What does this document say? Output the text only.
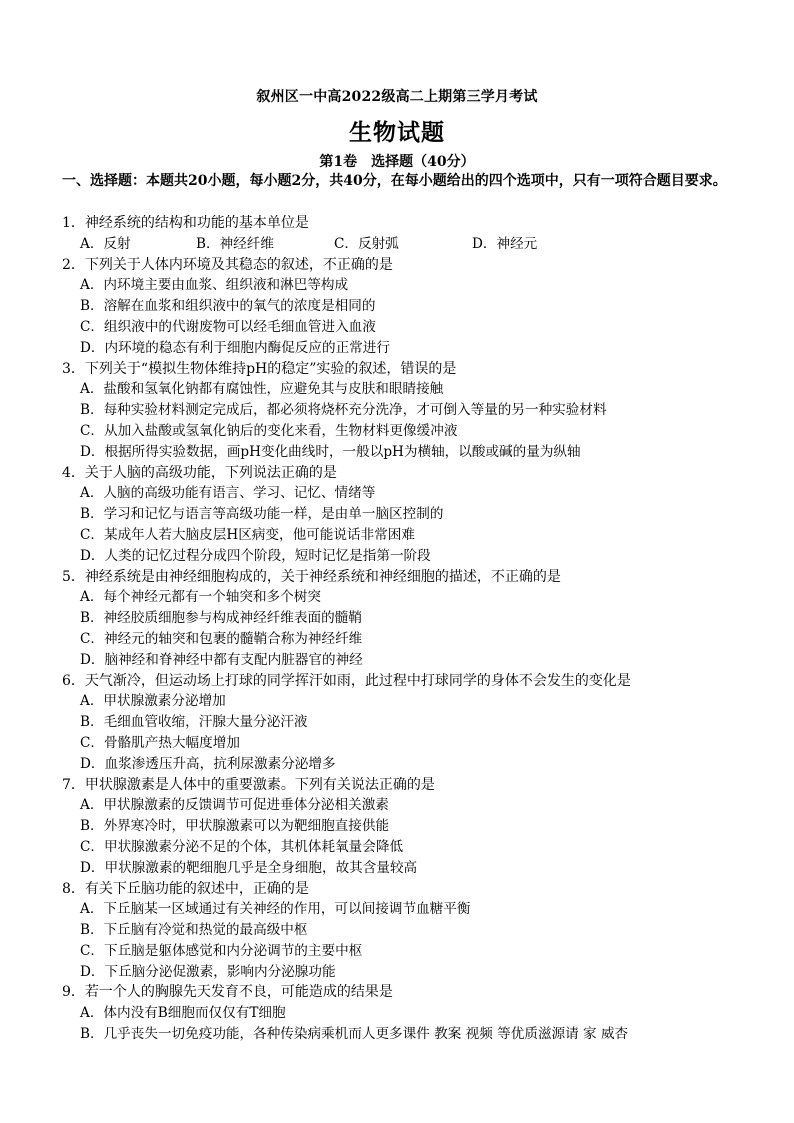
叙州区一中高2022级高二上期第三学月考试
生物试题
第1卷　选择题（40分）
一、选择题：本题共20小题，每小题2分，共40分，在每小题给出的四个选项中，只有一项符合题目要求。
1．神经系统的结构和功能的基本单位是
A．反射	B．神经纤维	C．反射弧	D．神经元
2．下列关于人体内环境及其稳态的叙述，不正确的是
A．内环境主要由血浆、组织液和淋巴等构成
B．溶解在血浆和组织液中的氧气的浓度是相同的
C．组织液中的代谢废物可以经毛细血管进入血液
D．内环境的稳态有利于细胞内酶促反应的正常进行
3．下列关于“模拟生物体维持pH的稳定”实验的叙述，错误的是
A．盐酸和氢氧化钠都有腐蚀性，应避免其与皮肤和眼睛接触
B．每种实验材料测定完成后，都必须将烧杯充分洗净，才可倒入等量的另一种实验材料
C．从加入盐酸或氢氧化钠后的变化来看，生物材料更像缓冲液
D．根据所得实验数据，画pH变化曲线时，一般以pH为横轴，以酸或碱的量为纵轴
4．关于人脑的高级功能，下列说法正确的是
A．人脑的高级功能有语言、学习、记忆、情绪等
B．学习和记忆与语言等高级功能一样，是由单一脑区控制的
C．某成年人若大脑皮层H区病变，他可能说话非常困难
D．人类的记忆过程分成四个阶段，短时记忆是指第一阶段
5．神经系统是由神经细胞构成的，关于神经系统和神经细胞的描述，不正确的是
A．每个神经元都有一个轴突和多个树突
B．神经胶质细胞参与构成神经纤维表面的髓鞘
C．神经元的轴突和包裹的髓鞘合称为神经纤维
D．脑神经和脊神经中都有支配内脏器官的神经
6．天气渐冷，但运动场上打球的同学挥汗如雨，此过程中打球同学的身体不会发生的变化是
A．甲状腺激素分泌增加
B．毛细血管收缩，汗腺大量分泌汗液
C．骨骼肌产热大幅度增加
D．血浆渗透压升高，抗利尿激素分泌增多
7．甲状腺激素是人体中的重要激素。下列有关说法正确的是
A．甲状腺激素的反馈调节可促进垂体分泌相关激素
B．外界寒冷时，甲状腺激素可以为靶细胞直接供能
C．甲状腺激素分泌不足的个体，其机体耗氧量会降低
D．甲状腺激素的靶细胞几乎是全身细胞，故其含量较高
8．有关下丘脑功能的叙述中，正确的是
A．下丘脑某一区域通过有关神经的作用，可以间接调节血糖平衡
B．下丘脑有冷觉和热觉的最高级中枢
C．下丘脑是躯体感觉和内分泌调节的主要中枢
D．下丘脑分泌促激素，影响内分泌腺功能
9．若一个人的胸腺先天发育不良，可能造成的结果是
A．体内没有B细胞而仅仅有T细胞
B．几乎丧失一切免疫功能，各种传染病乘机而人更多课件 教案 视频 等优质滋源请 家 威杏
